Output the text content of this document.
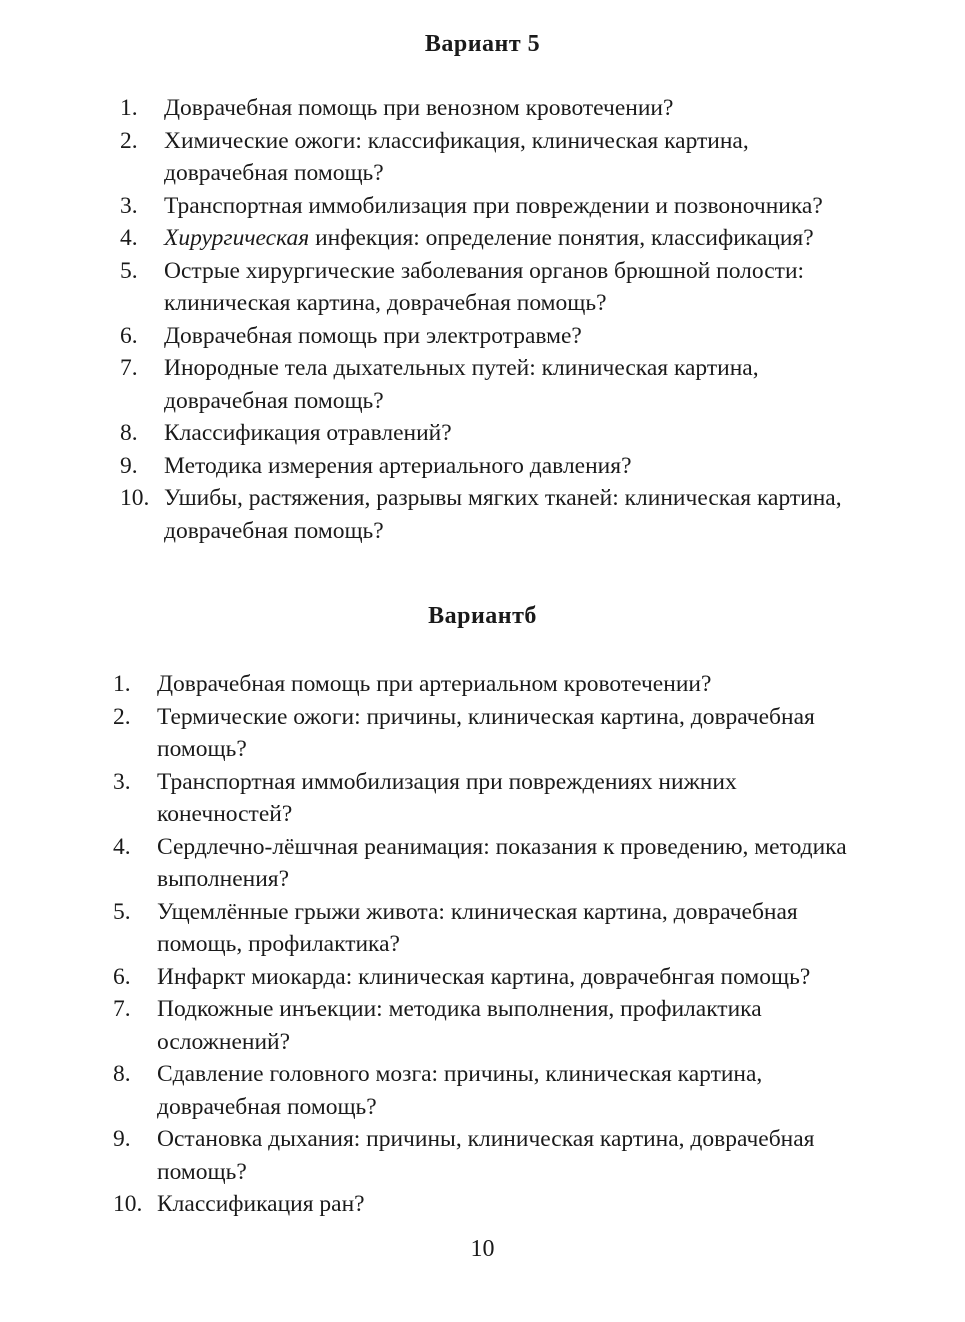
Вариант 5
1. Доврачебная помощь при венозном кровотечении?
2. Химические ожоги: классификация, клиническая картина, доврачебная помощь?
3. Транспортная иммобилизация при повреждении и позвоночника?
4. Хирургическая инфекция: определение понятия, классификация?
5. Острые хирургические заболевания органов брюшной полости: клиническая картина, доврачебная помощь?
6. Доврачебная помощь при электротравме?
7. Инородные тела дыхательных путей: клиническая картина, доврачебная помощь?
8. Классификация отравлений?
9. Методика измерения артериального давления?
10. Ушибы, растяжения, разрывы мягких тканей: клиническая картина, доврачебная помощь?
Вариантб
1. Доврачебная помощь при артериальном кровотечении?
2. Термические ожоги: причины, клиническая картина, доврачебная помощь?
3. Транспортная иммобилизация при повреждениях нижних конечностей?
4. Сердлечно-лёшчная реанимация: показания к проведению, методика выполнения?
5. Ущемлённые грыжи живота: клиническая картина, доврачебная помощь, профилактика?
6. Инфаркт миокарда: клиническая картина, доврачебнгая помощь?
7. Подкожные инъекции: методика выполнения, профилактика осложнений?
8. Сдавление головного мозга: причины, клиническая картина, доврачебная помощь?
9. Остановка дыхания: причины, клиническая картина, доврачебная помощь?
10. Классификация ран?

10
